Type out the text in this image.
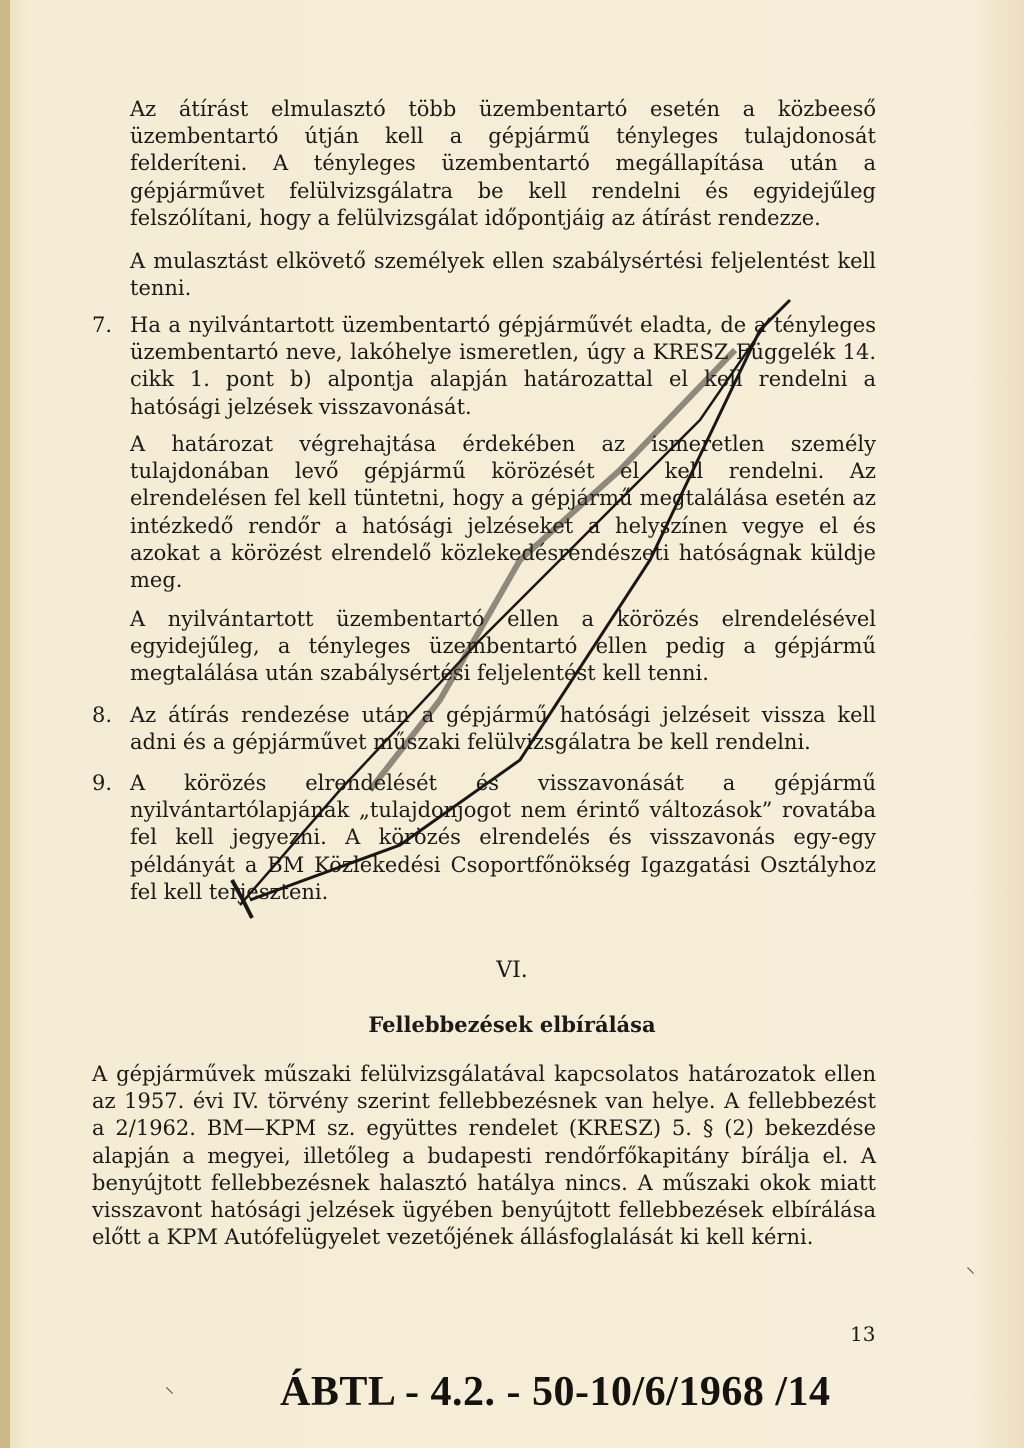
Az átírást elmulasztó több üzembentartó esetén a közbeeső üzembentartó útján kell a gépjármű tényleges tulajdonosát felderíteni. A tényleges üzembentartó megállapítása után a gépjárművet felülvizsgálatra be kell rendelni és egyidejűleg felszólítani, hogy a felülvizsgálat időpontjáig az átírást rendezze.

A mulasztást elkövető személyek ellen szabálysértési feljelentést kell tenni.

7. Ha a nyilvántartott üzembentartó gépjárművét eladta, de a tényleges üzembentartó neve, lakóhelye ismeretlen, úgy a KRESZ Függelék 14. cikk 1. pont b) alpontja alapján határozattal el kell rendelni a hatósági jelzések visszavonását.

A határozat végrehajtása érdekében az ismeretlen személy tulajdonában levő gépjármű körözését el kell rendelni. Az elrendelésen fel kell tüntetni, hogy a gépjármű megtalálása esetén az intézkedő rendőr a hatósági jelzéseket a helyszínen vegye el és azokat a körözést elrendelő közlekedésrendészeti hatóságnak küldje meg.

A nyilvántartott üzembentartó ellen a körözés elrendelésével egyidejűleg, a tényleges üzembentartó ellen pedig a gépjármű megtalálása után szabálysértési feljelentést kell tenni.

8. Az átírás rendezése után a gépjármű hatósági jelzéseit vissza kell adni és a gépjárművet műszaki felülvizsgálatra be kell rendelni.

9. A körözés elrendelését és visszavonását a gépjármű nyilvántartólapjának „tulajdonjogot nem érintő változások” rovatába fel kell jegyezni. A körözés elrendelés és visszavonás egy-egy példányát a BM Közlekedési Csoportfőnökség Igazgatási Osztályhoz fel kell terjeszteni.

VI.
Fellebbezések elbírálása

A gépjárművek műszaki felülvizsgálatával kapcsolatos határozatok ellen az 1957. évi IV. törvény szerint fellebbezésnek van helye. A fellebbezést a 2/1962. BM—KPM sz. együttes rendelet (KRESZ) 5. § (2) bekezdése alapján a megyei, illetőleg a budapesti rendőrfőkapitány bírálja el. A benyújtott fellebbezésnek halasztó hatálya nincs. A műszaki okok miatt visszavont hatósági jelzések ügyében benyújtott fellebbezések elbírálása előtt a KPM Autófelügyelet vezetőjének állásfoglalását ki kell kérni.

13
ÁBTL - 4.2. - 50-10/6/1968 /14
⸌
⸌
